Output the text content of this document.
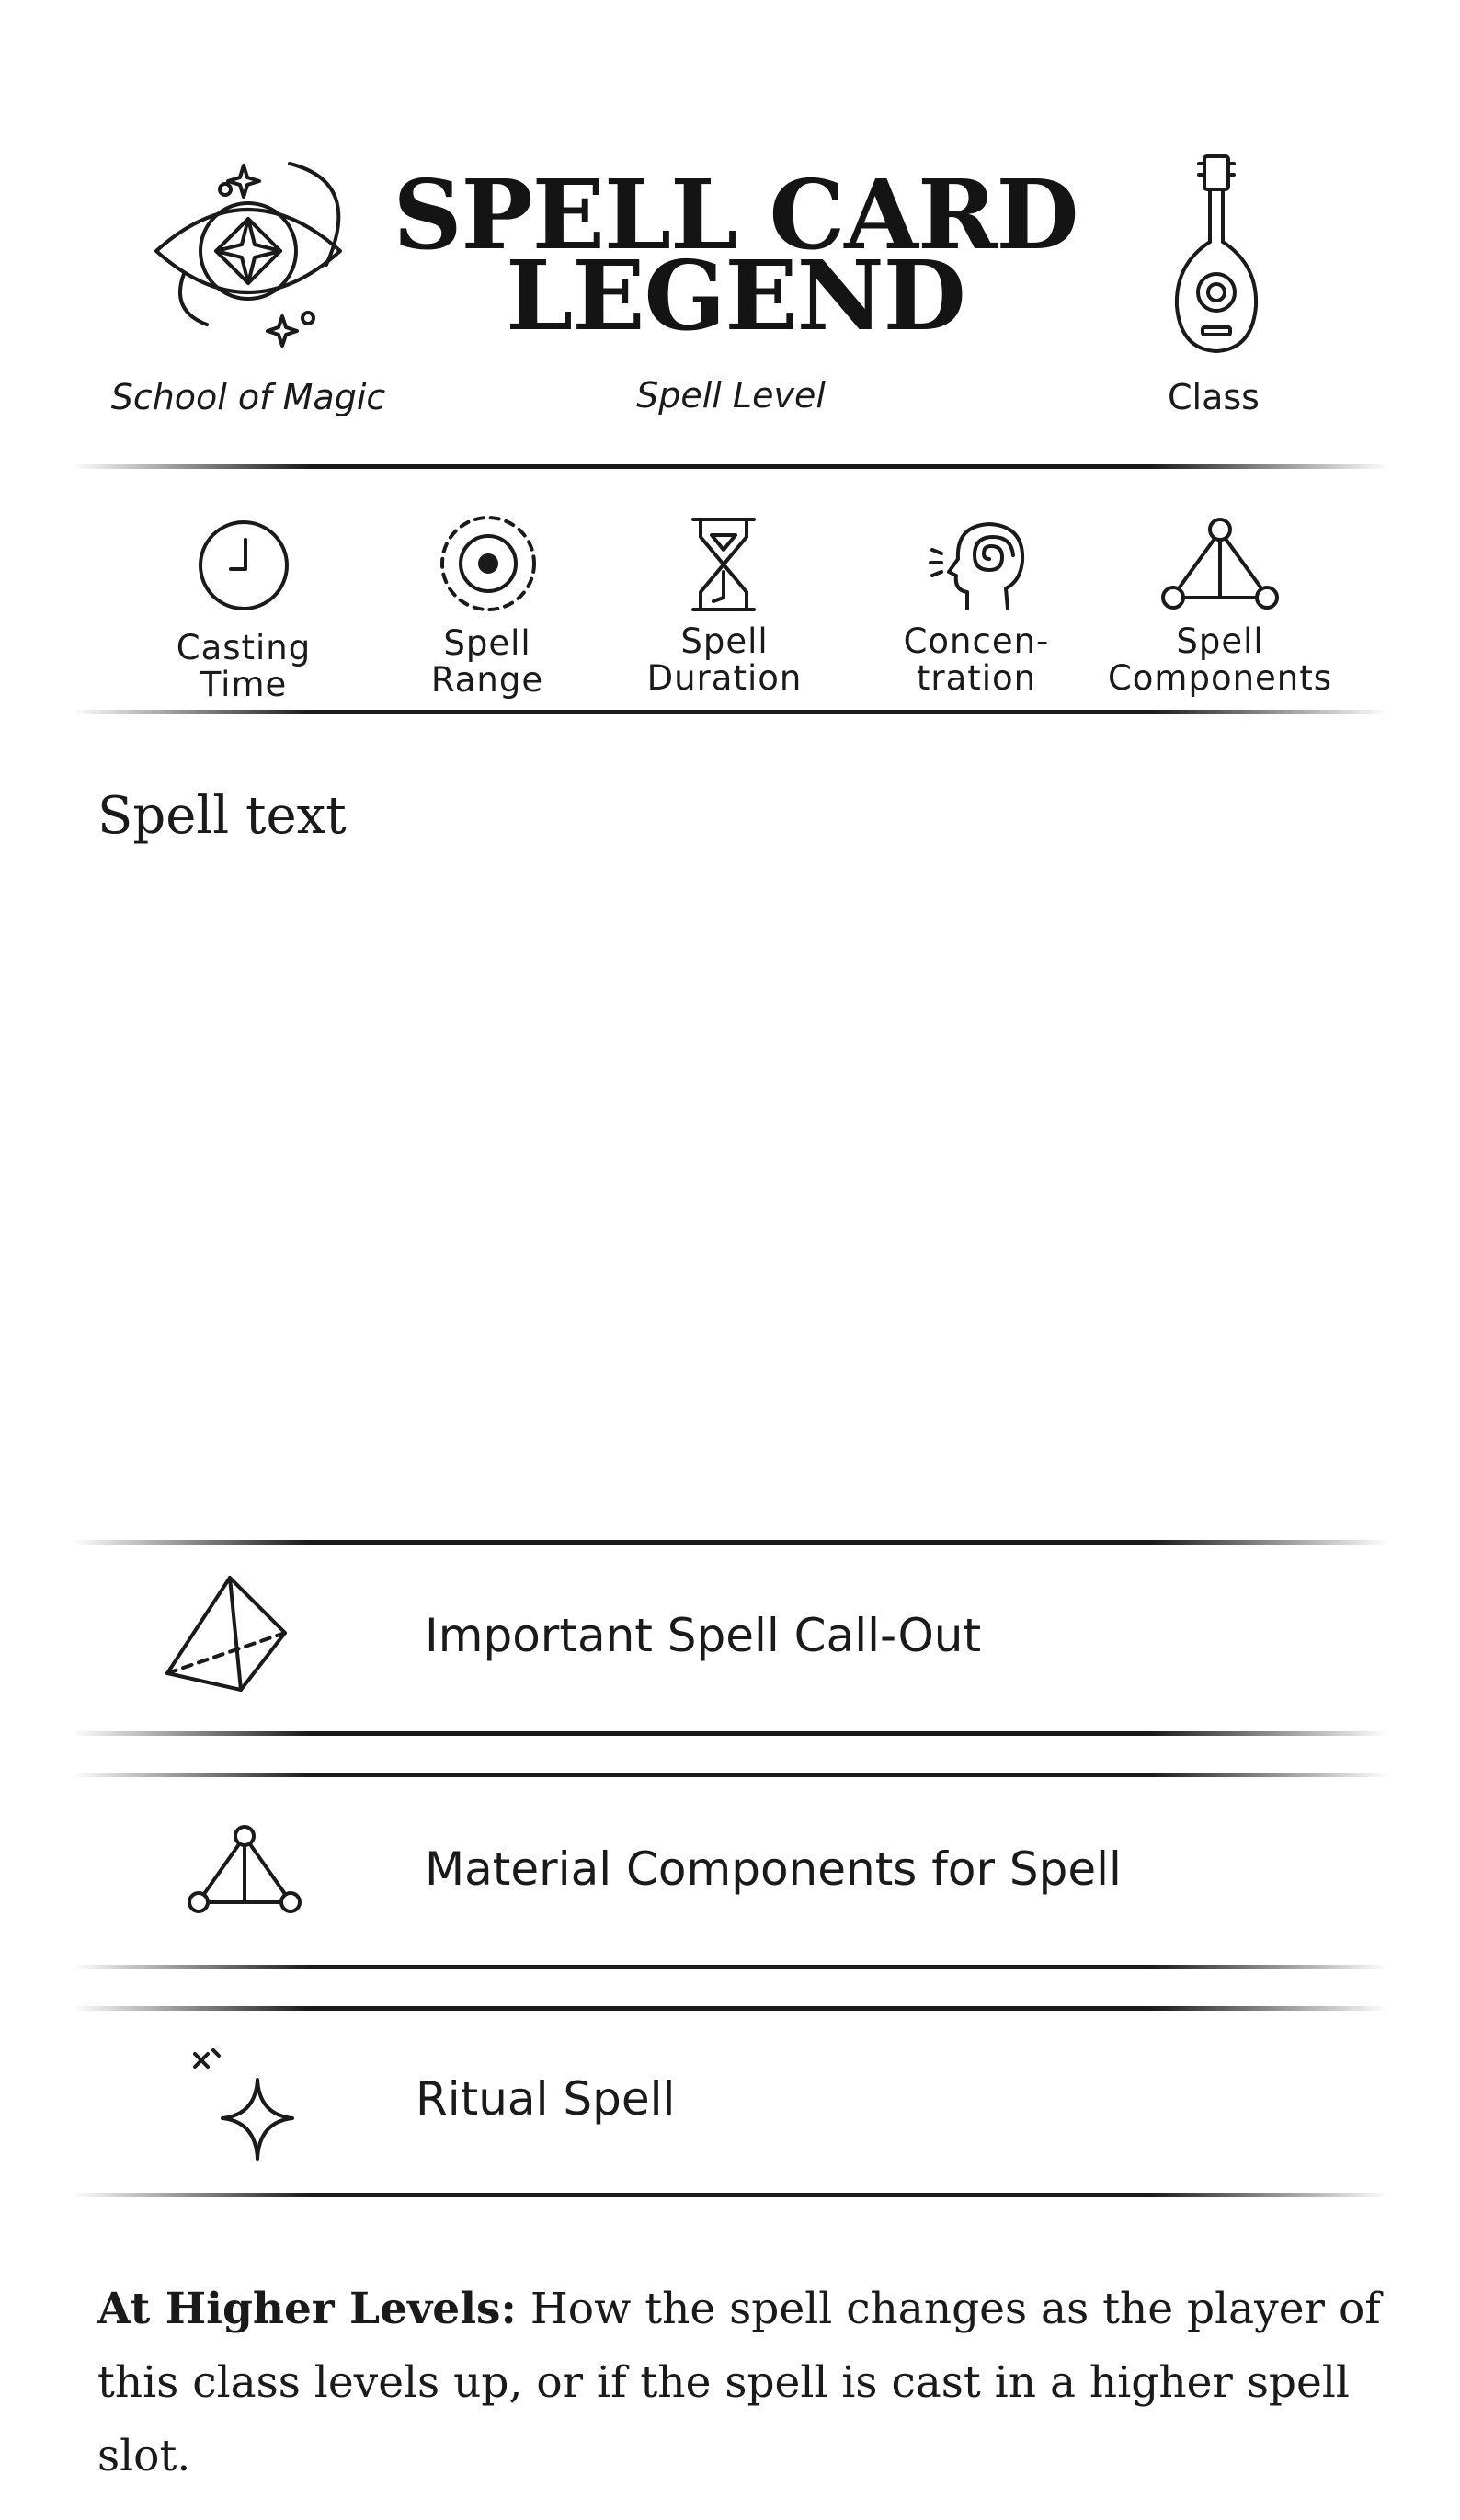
School of Magic
SPELL CARD
LEGEND
Spell Level	Class
Casting
Time
Spell
Range
Spell
Duration
Concen-
tration
Spell
Components
Spell text
Important Spell Call-Out
Material Components for Spell
Ritual Spell
At Higher Levels: How the spell changes as the player of this class levels up, or if the spell is cast in a higher spell slot.
